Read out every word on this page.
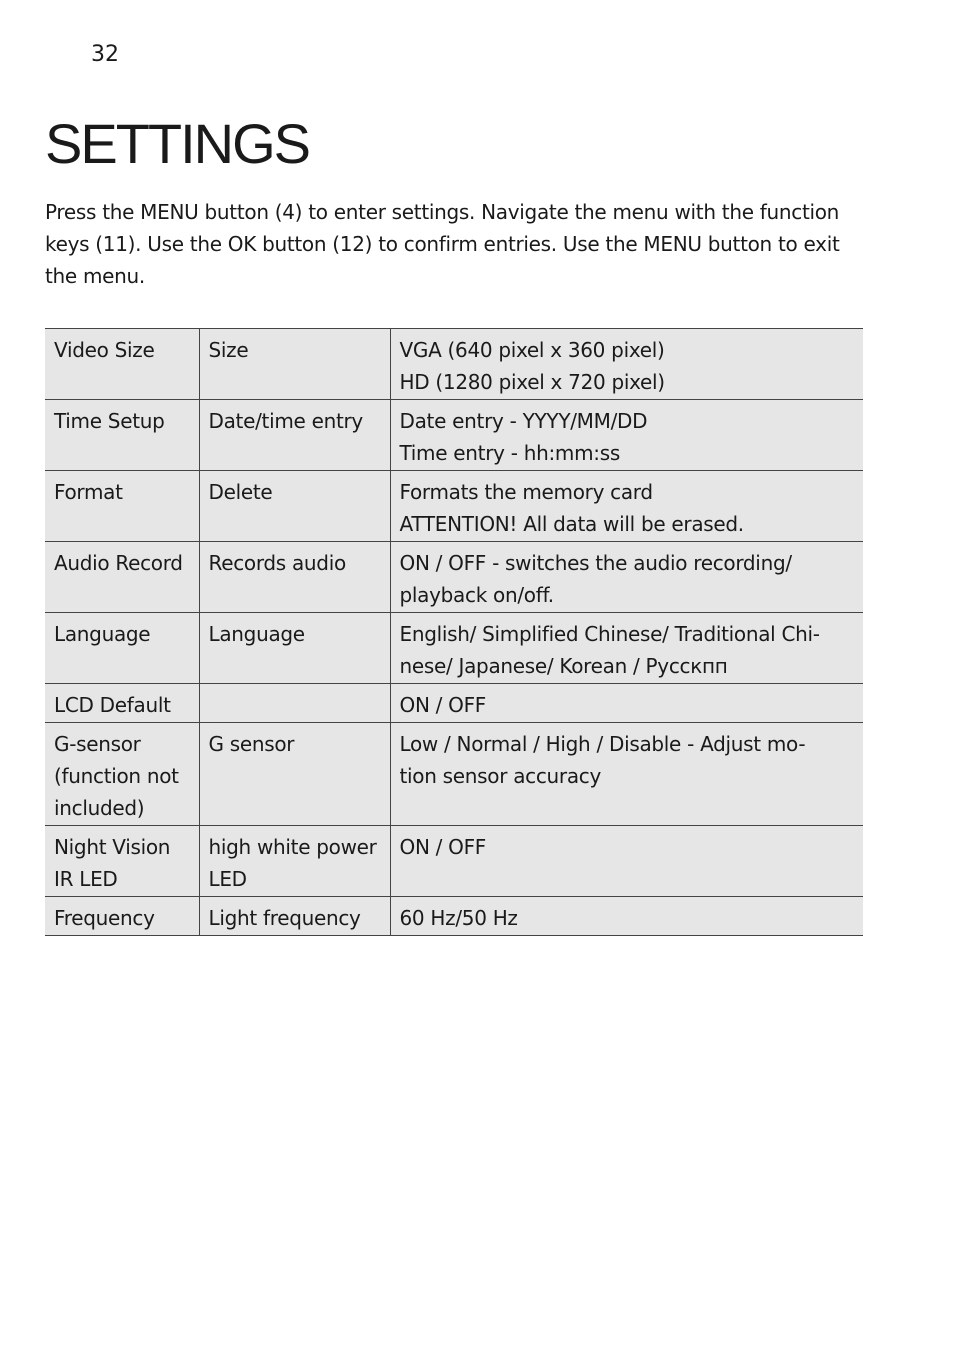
32
SETTINGS

Press the MENU button (4) to enter settings. Navigate the menu with the function
keys (11). Use the OK button (12) to confirm entries. Use the MENU button to exit
the menu.

Video Size	Size	VGA (640 pixel x 360 pixel)
HD (1280 pixel x 720 pixel)

Time Setup	Date/time entry	Date entry - YYYY/MM/DD
Time entry - hh:mm:ss

Format	Delete	Formats the memory card
ATTENTION! All data will be erased.

Audio Record	Records audio	ON / OFF - switches the audio recording/
playback on/off.

Language	Language	English/ Simplified Chinese/ Traditional Chi-
nese/ Japanese/ Korean / Русскпп

LCD Default		ON / OFF

G-sensor
(function not
included)	G sensor	Low / Normal / High / Disable - Adjust mo-
tion sensor accuracy

Night Vision
IR LED	high white power
LED	ON / OFF

Frequency	Light frequency	60 Hz/50 Hz
